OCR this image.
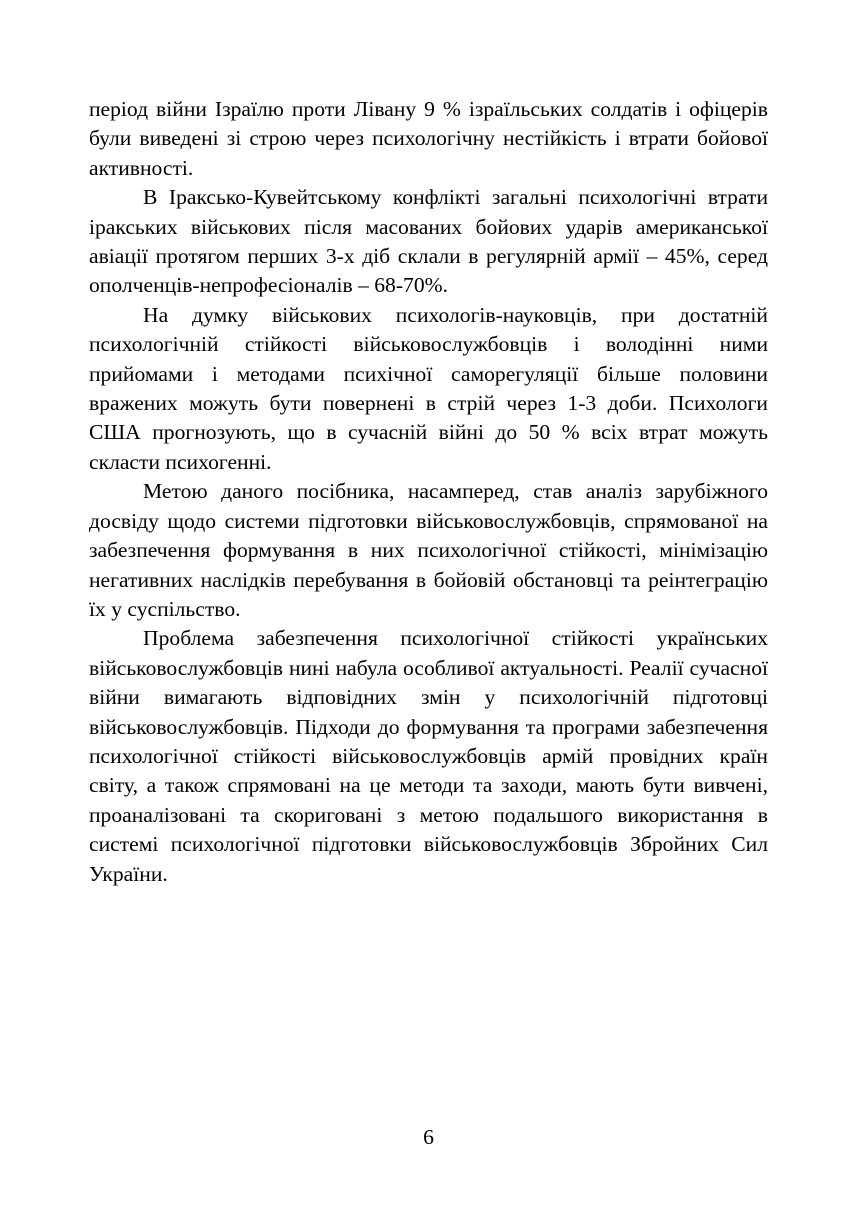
період війни Ізраїлю проти Лівану 9 % ізраїльських солдатів і офіцерів були виведені зі строю через психологічну нестійкість і втрати бойової активності.

В Іраксько-Кувейтському конфлікті загальні психологічні втрати іракських військових після масованих бойових ударів американської авіації протягом перших 3-х діб склали в регулярній армії – 45%, серед ополченців-непрофесіоналів – 68-70%.

На думку військових психологів-науковців, при достатній психологічній стійкості військовослужбовців і володінні ними прийомами і методами психічної саморегуляції більше половини вражених можуть бути повернені в стрій через 1-3 доби. Психологи США прогнозують, що в сучасній війні до 50 % всіх втрат можуть скласти психогенні.

Метою даного посібника, насамперед, став аналіз зарубіжного досвіду щодо системи підготовки військовослужбовців, спрямованої на забезпечення формування в них психологічної стійкості, мінімізацію негативних наслідків перебування в бойовій обстановці та реінтеграцію їх у суспільство.

Проблема забезпечення психологічної стійкості українських військовослужбовців нині набула особливої актуальності. Реалії сучасної війни вимагають відповідних змін у психологічній підготовці військовослужбовців. Підходи до формування та програми забезпечення психологічної стійкості військовослужбовців армій провідних країн світу, а також спрямовані на це методи та заходи, мають бути вивчені, проаналізовані та скориговані з метою подальшого використання в системі психологічної підготовки військовослужбовців Збройних Сил України.

6
